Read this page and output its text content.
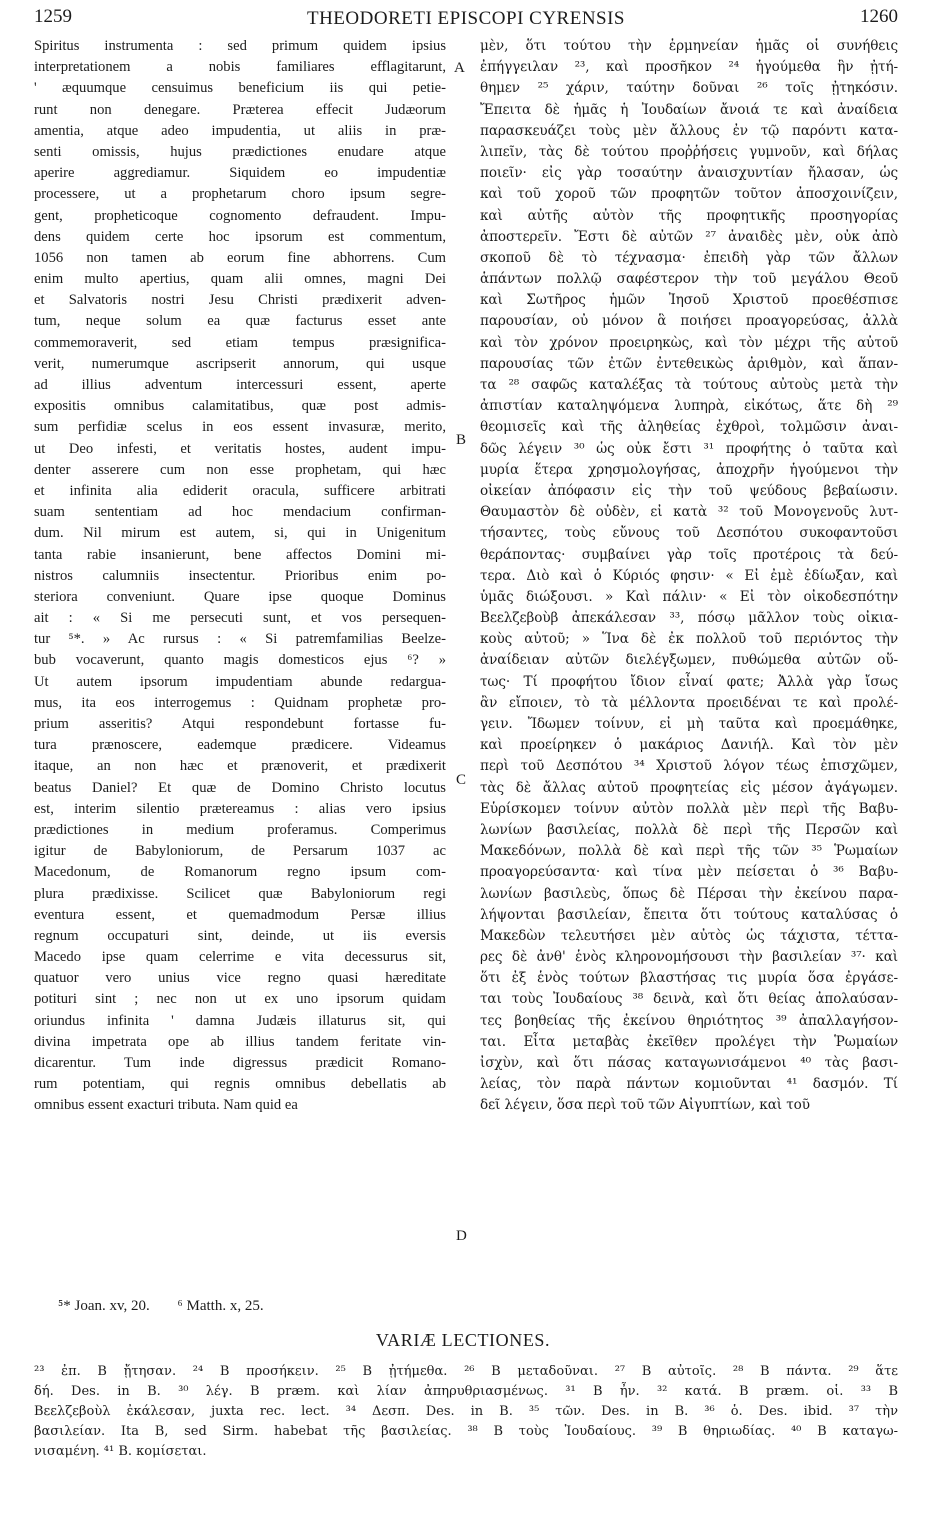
1259	THEODORETI EPISCOPI CYRENSIS	1260
Spiritus instrumenta : sed primum quidem ipsius
interpretationem a nobis familiares efflagitarunt,
' æquumque censuimus beneficium iis qui petie-
runt non denegare. Præterea effecit Judæorum
amentia, atque adeo impudentia, ut aliis in præ-
senti omissis, hujus prædictiones enudare atque
aperire aggrediamur. Siquidem eo impudentiæ
processere, ut a prophetarum choro ipsum segre-
gent, propheticoque cognomento defraudent. Impu-
dens quidem certe hoc ipsorum est commentum,
1056 non tamen ab eorum fine abhorrens. Cum
enim multo apertius, quam alii omnes, magni Dei
et Salvatoris nostri Jesu Christi prædixerit adven-
tum, neque solum ea quæ facturus esset ante
commemoraverit, sed etiam tempus præsignifica-
verit, numerumque ascripserit annorum, qui usque
ad illius adventum intercessuri essent, aperte
expositis omnibus calamitatibus, quæ post admis-
sum perfidiæ scelus in eos essent invasuræ, merito,
ut Deo infesti, et veritatis hostes, audent impu-
denter asserere cum non esse prophetam, qui hæc
et infinita alia ediderit oracula, sufficere arbitrati
suam sententiam ad hoc mendacium confirman-
dum. Nil mirum est autem, si, qui in Unigenitum
tanta rabie insanierunt, bene affectos Domini mi-
nistros calumniis insectentur. Prioribus enim po-
steriora conveniunt. Quare ipse quoque Dominus
ait : « Si me persecuti sunt, et vos persequen-
tur ⁵*. » Ac rursus : « Si patremfamilias Beelze-
bub vocaverunt, quanto magis domesticos ejus ⁶? »
Ut autem ipsorum impudentiam abunde redargua-
mus, ita eos interrogemus : Quidnam prophetæ pro-
prium asseritis? Atqui respondebunt fortasse fu-
tura prænoscere, eademque prædicere. Videamus
itaque, an non hæc et prænoverit, et prædixerit
beatus Daniel? Et quæ de Domino Christo locutus
est, interim silentio prætereamus : alias vero ipsius
prædictiones in medium proferamus. Comperimus
igitur de Babyloniorum, de Persarum 1037 ac
Macedonum, de Romanorum regno ipsum com-
plura prædixisse. Scilicet quæ Babyloniorum regi
eventura essent, et quemadmodum Persæ illius
regnum occupaturi sint, deinde, ut iis eversis
Macedo ipse quam celerrime e vita decessurus sit,
quatuor vero unius vice regno quasi hæreditate
potituri sint ; nec non ut ex uno ipsorum quidam
oriundus infinita ' damna Judæis illaturus sit, qui
divina impetrata ope ab illius tandem feritate vin-
dicarentur. Tum inde digressus prædicit Romano-
rum potentiam, qui regnis omnibus debellatis ab
omnibus essent exacturi tributa. Nam quid ea
μὲν, ὅτι τούτου τὴν ἑρμηνείαν ἡμᾶς οἱ συνήθεις
ἐπήγγειλαν ²³, καὶ προσῆκον ²⁴ ἡγούμεθα ἣν ᾐτή-
θημεν ²⁵ χάριν, ταύτην δοῦναι ²⁶ τοῖς ᾐτηκόσιν.
Ἔπειτα δὲ ἡμᾶς ἡ Ἰουδαίων ἄνοιά τε καὶ ἀναίδεια
παρασκευάζει τοὺς μὲν ἄλλους ἐν τῷ παρόντι κατα-
λιπεῖν, τὰς δὲ τούτου προῤῥήσεις γυμνοῦν, καὶ δήλας
ποιεῖν· εἰς γὰρ τοσαύτην ἀναισχυντίαν ἤλασαν, ὡς
καὶ τοῦ χοροῦ τῶν προφητῶν τοῦτον ἀποσχοινίζειν,
καὶ αὐτῆς αὐτὸν τῆς προφητικῆς προσηγορίας
ἀποστερεῖν. Ἔστι δὲ αὐτῶν ²⁷ ἀναιδὲς μὲν, οὐκ ἀπὸ
σκοποῦ δὲ τὸ τέχνασμα· ἐπειδὴ γὰρ τῶν ἄλλων
ἁπάντων πολλῷ σαφέστερον τὴν τοῦ μεγάλου Θεοῦ
καὶ Σωτῆρος ἡμῶν Ἰησοῦ Χριστοῦ προεθέσπισε
παρουσίαν, οὐ μόνον ἃ ποιήσει προαγορεύσας, ἀλλὰ
καὶ τὸν χρόνον προειρηκὼς, καὶ τὸν μέχρι τῆς αὐτοῦ
παρουσίας τῶν ἐτῶν ἐντεθεικὼς ἀριθμὸν, καὶ ἅπαν-
τα ²⁸ σαφῶς καταλέξας τὰ τούτους αὐτοὺς μετὰ τὴν
ἀπιστίαν καταληψόμενα λυπηρὰ, εἰκότως, ἅτε δὴ ²⁹
θεομισεῖς καὶ τῆς ἀληθείας ἐχθροὶ, τολμῶσιν ἀναι-
δῶς λέγειν ³⁰ ὡς οὐκ ἔστι ³¹ προφήτης ὁ ταῦτα καὶ
μυρία ἕτερα χρησμολογήσας, ἀποχρῆν ἡγούμενοι τὴν
οἰκείαν ἀπόφασιν εἰς τὴν τοῦ ψεύδους βεβαίωσιν.
Θαυμαστὸν δὲ οὐδὲν, εἰ κατὰ ³² τοῦ Μονογενοῦς λυτ-
τήσαντες, τοὺς εὔνους τοῦ Δεσπότου συκοφαντοῦσι
θεράποντας· συμβαίνει γὰρ τοῖς προτέροις τὰ δεύ-
τερα. Διὸ καὶ ὁ Κύριός φησιν· « Εἰ ἐμὲ ἐδίωξαν, καὶ
ὑμᾶς διώξουσι. » Καὶ πάλιν· « Εἰ τὸν οἰκοδεσπότην
Βεελζεβοὺβ ἀπεκάλεσαν ³³, πόσῳ μᾶλλον τοὺς οἰκια-
κοὺς αὐτοῦ; » Ἵνα δὲ ἐκ πολλοῦ τοῦ περιόντος τὴν
ἀναίδειαν αὐτῶν διελέγξωμεν, πυθώμεθα αὐτῶν οὕ-
τως· Τί προφήτου ἴδιον εἶναί φατε; Ἀλλὰ γὰρ ἴσως
ἂν εἴποιεν, τὸ τὰ μέλλοντα προειδέναι τε καὶ προλέ-
γειν. Ἴδωμεν τοίνυν, εἰ μὴ ταῦτα καὶ προεμάθηκε,
καὶ προείρηκεν ὁ μακάριος Δανιήλ. Καὶ τὸν μὲν
περὶ τοῦ Δεσπότου ³⁴ Χριστοῦ λόγον τέως ἐπισχῶμεν,
τὰς δὲ ἄλλας αὐτοῦ προφητείας εἰς μέσον ἀγάγωμεν.
Εὑρίσκομεν τοίνυν αὐτὸν πολλὰ μὲν περὶ τῆς Βαβυ-
λωνίων βασιλείας, πολλὰ δὲ περὶ τῆς Περσῶν καὶ
Μακεδόνων, πολλὰ δὲ καὶ περὶ τῆς τῶν ³⁵ Ῥωμαίων
προαγορεύσαντα· καὶ τίνα μὲν πείσεται ὁ ³⁶ Βαβυ-
λωνίων βασιλεὺς, ὅπως δὲ Πέρσαι τὴν ἐκείνου παρα-
λήψονται βασιλείαν, ἔπειτα ὅτι τούτους καταλύσας ὁ
Μακεδὼν τελευτήσει μὲν αὐτὸς ὡς τάχιστα, τέττα-
ρες δὲ ἀνθ' ἑνὸς κληρονομήσουσι τὴν βασιλείαν ³⁷· καὶ
ὅτι ἐξ ἑνὸς τούτων βλαστήσας τις μυρία ὅσα ἐργάσε-
ται τοὺς Ἰουδαίους ³⁸ δεινὰ, καὶ ὅτι θείας ἀπολαύσαν-
τες βοηθείας τῆς ἐκείνου θηριότητος ³⁹ ἀπαλλαγήσον-
ται. Εἶτα μεταβὰς ἐκεῖθεν προλέγει τὴν Ῥωμαίων
ἰσχὺν, καὶ ὅτι πάσας καταγωνισάμενοι ⁴⁰ τὰς βασι-
λείας, τὸν παρὰ πάντων κομιοῦνται ⁴¹ δασμόν. Τί
δεῖ λέγειν, ὅσα περὶ τοῦ τῶν Αἰγυπτίων, καὶ τοῦ
A
B
C
D
⁵* Joan. xv, 20. ⁶ Matth. x, 25.
VARIÆ LECTIONES.
²³ ἐπ. B ᾔτησαν. ²⁴ B προσήκειν. ²⁵ B ᾐτήμεθα. ²⁶ B μεταδοῦναι. ²⁷ B αὐτοῖς. ²⁸ B πάντα. ²⁹ ἅτε
δή. Des. in B. ³⁰ λέγ. B præm. καὶ λίαν ἀπηρυθριασμένως. ³¹ B ἦν. ³² κατά. B præm. οἱ. ³³ B
Βεελζεβοὺλ ἐκάλεσαν, juxta rec. lect. ³⁴ Δεσπ. Des. in B. ³⁵ τῶν. Des. in B. ³⁶ ὁ. Des. ibid. ³⁷ τὴν
βασιλείαν. Ita B, sed Sirm. habebat τῆς βασιλείας. ³⁸ B τοὺς Ἰουδαίους. ³⁹ B θηριωδίας. ⁴⁰ B καταγω-
νισαμένη. ⁴¹ B. κομίσεται.
